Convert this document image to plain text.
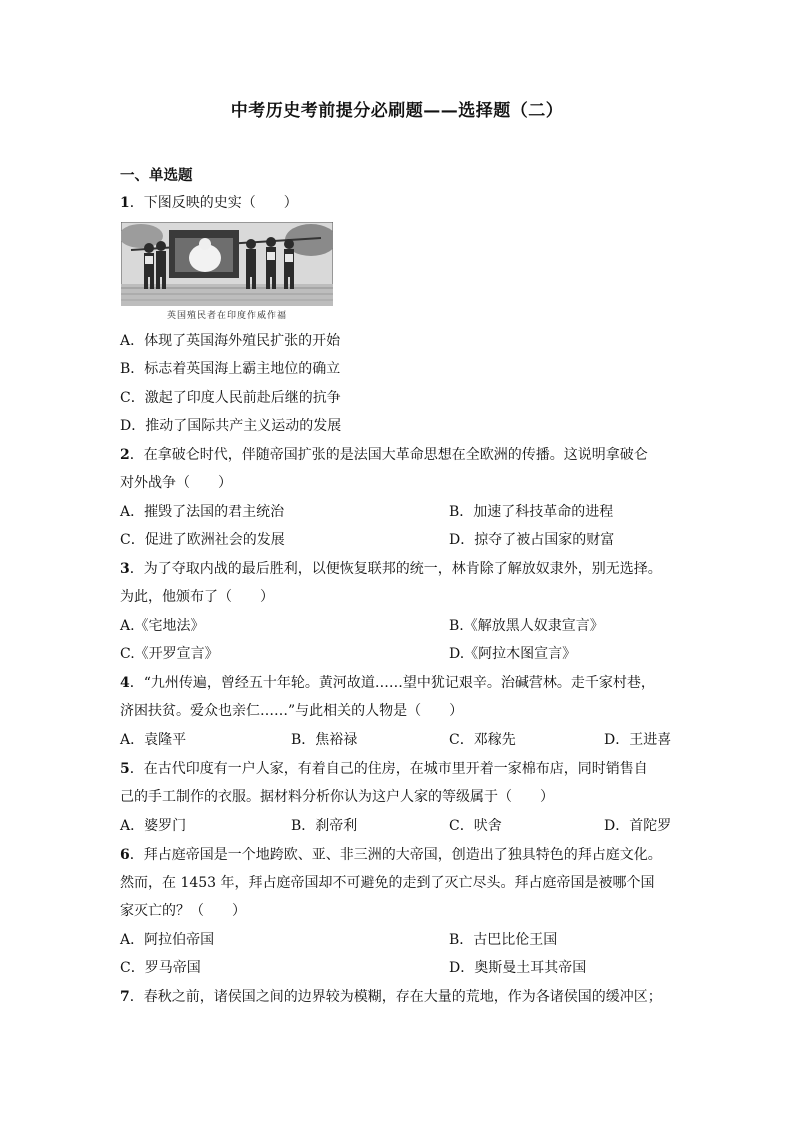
中考历史考前提分必刷题——选择题（二）
一、单选题
1．下图反映的史实（　　）
英国殖民者在印度作威作福
A．体现了英国海外殖民扩张的开始
B．标志着英国海上霸主地位的确立
C．激起了印度人民前赴后继的抗争
D．推动了国际共产主义运动的发展
2．在拿破仑时代，伴随帝国扩张的是法国大革命思想在全欧洲的传播。这说明拿破仑
对外战争（　　）
A．摧毁了法国的君主统治	B．加速了科技革命的进程
C．促进了欧洲社会的发展	D．掠夺了被占国家的财富
3．为了夺取内战的最后胜利，以便恢复联邦的统一，林肯除了解放奴隶外，别无选择。
为此，他颁布了（　　）
A.《宅地法》	B.《解放黑人奴隶宣言》
C.《开罗宣言》	D.《阿拉木图宣言》
4．“九州传遍，曾经五十年轮。黄河故道……望中犹记艰辛。治碱营林。走千家村巷，
济困扶贫。爱众也亲仁……”与此相关的人物是（　　）
A．袁隆平	B．焦裕禄	C．邓稼先	D．王进喜
5．在古代印度有一户人家，有着自己的住房，在城市里开着一家棉布店，同时销售自
己的手工制作的衣服。据材料分析你认为这户人家的等级属于（　　）
A．婆罗门	B．刹帝利	C．吠舍	D．首陀罗
6．拜占庭帝国是一个地跨欧、亚、非三洲的大帝国，创造出了独具特色的拜占庭文化。
然而，在 1453 年，拜占庭帝国却不可避免的走到了灭亡尽头。拜占庭帝国是被哪个国
家灭亡的？（　　）
A．阿拉伯帝国	B．古巴比伦王国
C．罗马帝国	D．奥斯曼土耳其帝国
7．春秋之前，诸侯国之间的边界较为模糊，存在大量的荒地，作为各诸侯国的缓冲区；
